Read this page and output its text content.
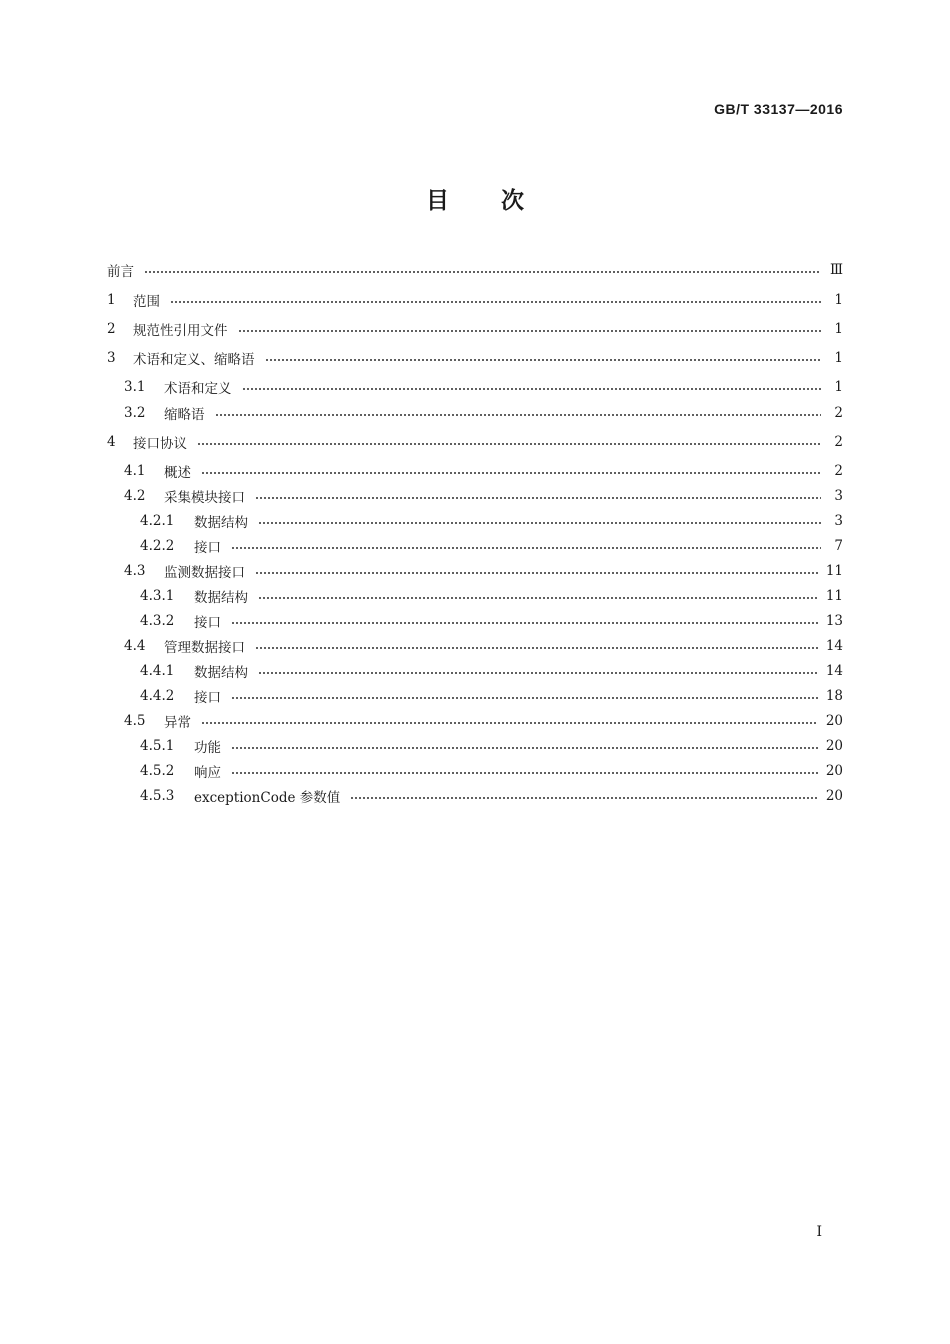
GB/T 33137—2016
目次
前言	Ⅲ
1	范围	1
2	规范性引用文件	1
3	术语和定义、缩略语	1
3.1	术语和定义	1
3.2	缩略语	2
4	接口协议	2
4.1	概述	2
4.2	采集模块接口	3
4.2.1	数据结构	3
4.2.2	接口	7
4.3	监测数据接口	11
4.3.1	数据结构	11
4.3.2	接口	13
4.4	管理数据接口	14
4.4.1	数据结构	14
4.4.2	接口	18
4.5	异常	20
4.5.1	功能	20
4.5.2	响应	20
4.5.3	exceptionCode 参数值	20
I
